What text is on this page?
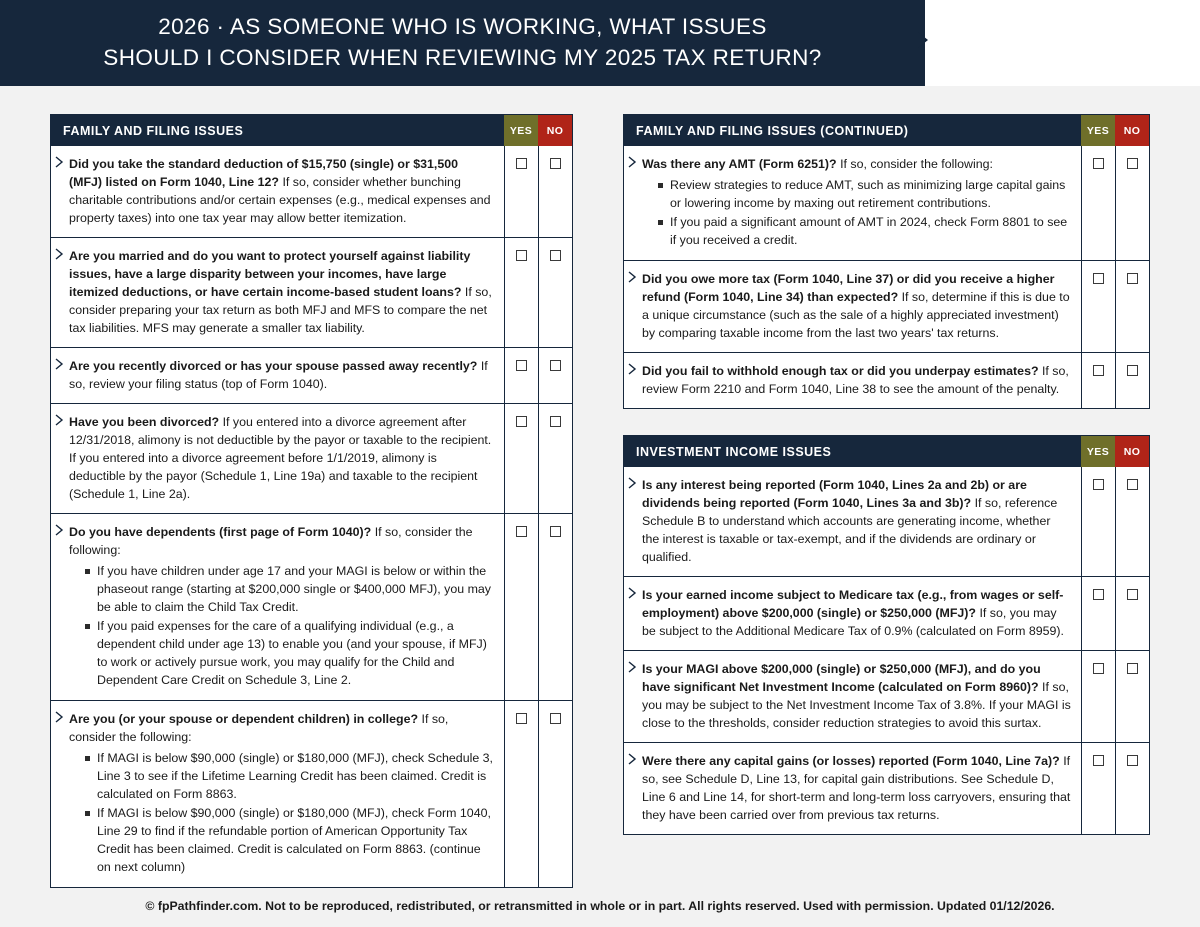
2026 · AS SOMEONE WHO IS WORKING, WHAT ISSUES
SHOULD I CONSIDER WHEN REVIEWING MY 2025 TAX RETURN?
FAMILY AND FILING ISSUES	YES	NO
Did you take the standard deduction of $15,750 (single) or $31,500 (MFJ) listed on Form 1040, Line 12? If so, consider whether bunching charitable contributions and/or certain expenses (e.g., medical expenses and property taxes) into one tax year may allow better itemization.
Are you married and do you want to protect yourself against liability issues, have a large disparity between your incomes, have large itemized deductions, or have certain income-based student loans? If so, consider preparing your tax return as both MFJ and MFS to compare the net tax liabilities. MFS may generate a smaller tax liability.
Are you recently divorced or has your spouse passed away recently? If so, review your filing status (top of Form 1040).
Have you been divorced? If you entered into a divorce agreement after 12/31/2018, alimony is not deductible by the payor or taxable to the recipient. If you entered into a divorce agreement before 1/1/2019, alimony is deductible by the payor (Schedule 1, Line 19a) and taxable to the recipient (Schedule 1, Line 2a).
Do you have dependents (first page of Form 1040)? If so, consider the following:
If you have children under age 17 and your MAGI is below or within the phaseout range (starting at $200,000 single or $400,000 MFJ), you may be able to claim the Child Tax Credit.
If you paid expenses for the care of a qualifying individual (e.g., a dependent child under age 13) to enable you (and your spouse, if MFJ) to work or actively pursue work, you may qualify for the Child and Dependent Care Credit on Schedule 3, Line 2.
Are you (or your spouse or dependent children) in college? If so, consider the following:
If MAGI is below $90,000 (single) or $180,000 (MFJ), check Schedule 3, Line 3 to see if the Lifetime Learning Credit has been claimed. Credit is calculated on Form 8863.
If MAGI is below $90,000 (single) or $180,000 (MFJ), check Form 1040, Line 29 to find if the refundable portion of American Opportunity Tax Credit has been claimed. Credit is calculated on Form 8863. (continue on next column)
FAMILY AND FILING ISSUES (CONTINUED)	YES	NO
Was there any AMT (Form 6251)? If so, consider the following:
Review strategies to reduce AMT, such as minimizing large capital gains or lowering income by maxing out retirement contributions.
If you paid a significant amount of AMT in 2024, check Form 8801 to see if you received a credit.
Did you owe more tax (Form 1040, Line 37) or did you receive a higher refund (Form 1040, Line 34) than expected? If so, determine if this is due to a unique circumstance (such as the sale of a highly appreciated investment) by comparing taxable income from the last two years' tax returns.
Did you fail to withhold enough tax or did you underpay estimates? If so, review Form 2210 and Form 1040, Line 38 to see the amount of the penalty.
INVESTMENT INCOME ISSUES	YES	NO
Is any interest being reported (Form 1040, Lines 2a and 2b) or are dividends being reported (Form 1040, Lines 3a and 3b)? If so, reference Schedule B to understand which accounts are generating income, whether the interest is taxable or tax-exempt, and if the dividends are ordinary or qualified.
Is your earned income subject to Medicare tax (e.g., from wages or self-employment) above $200,000 (single) or $250,000 (MFJ)? If so, you may be subject to the Additional Medicare Tax of 0.9% (calculated on Form 8959).
Is your MAGI above $200,000 (single) or $250,000 (MFJ), and do you have significant Net Investment Income (calculated on Form 8960)? If so, you may be subject to the Net Investment Income Tax of 3.8%. If your MAGI is close to the thresholds, consider reduction strategies to avoid this surtax.
Were there any capital gains (or losses) reported (Form 1040, Line 7a)? If so, see Schedule D, Line 13, for capital gain distributions. See Schedule D, Line 6 and Line 14, for short-term and long-term loss carryovers, ensuring that they have been carried over from previous tax returns.
© fpPathfinder.com. Not to be reproduced, redistributed, or retransmitted in whole or in part. All rights reserved. Used with permission. Updated 01/12/2026.
